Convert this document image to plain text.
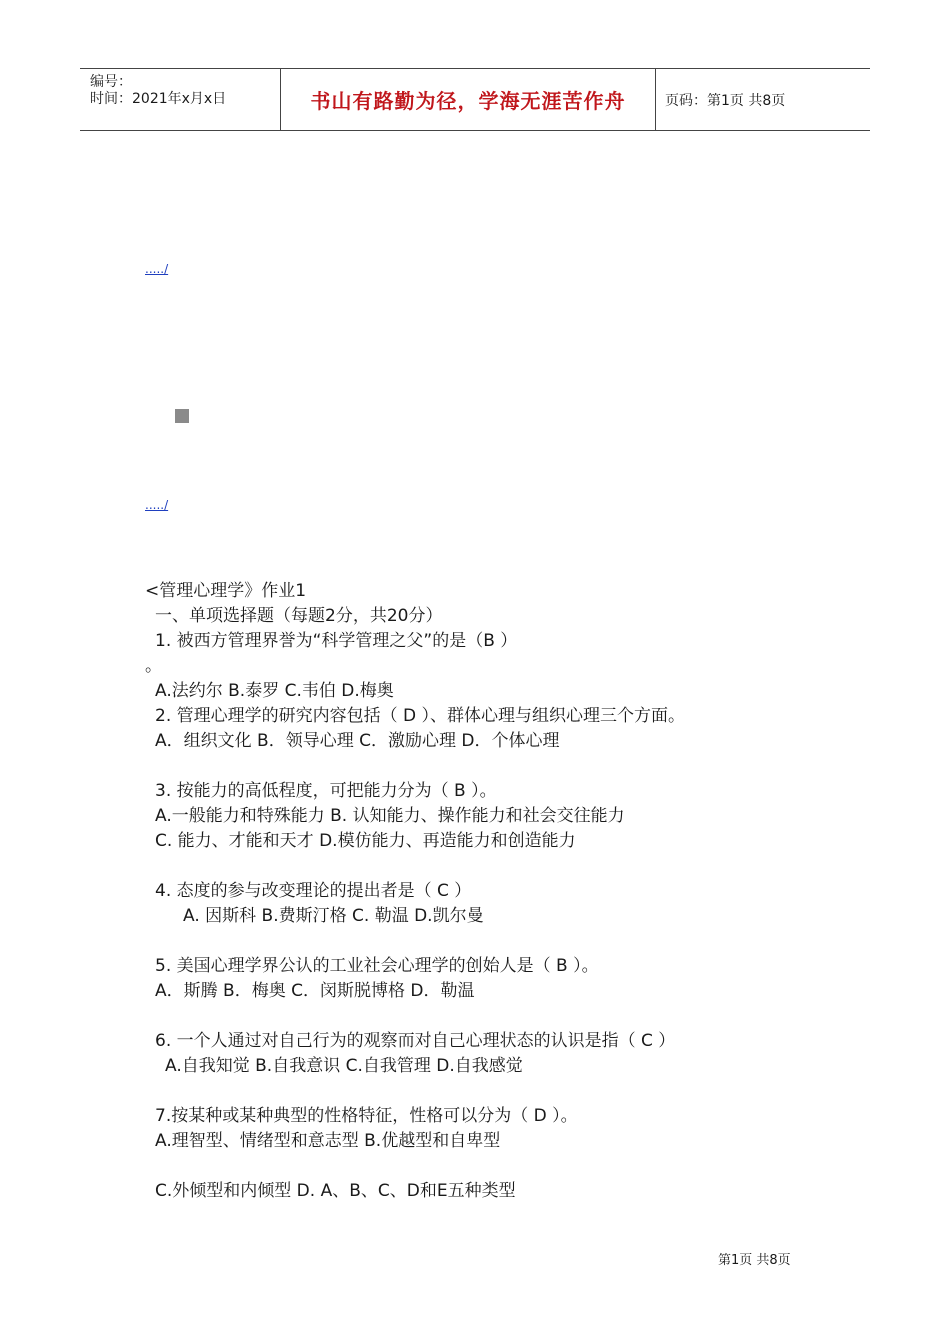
编号：
时间：2021年x月x日	书山有路勤为径，学海无涯苦作舟	页码：第1页 共8页
...../
...../
<管理心理学》作业1
一、单项选择题（每题2分，共20分）
1. 被西方管理界誉为“科学管理之父”的是（B ）
。
A.法约尔 B.泰罗 C.韦伯 D.梅奥
2. 管理心理学的研究内容包括（ D ）、群体心理与组织心理三个方面。
A．组织文化 B．领导心理 C．激励心理 D．个体心理
3. 按能力的高低程度，可把能力分为（ B ）。
A.一般能力和特殊能力 B. 认知能力、操作能力和社会交往能力
C. 能力、才能和天才 D.模仿能力、再造能力和创造能力
4. 态度的参与改变理论的提出者是（ C ）
A. 因斯科 B.费斯汀格 C. 勒温 D.凯尔曼
5. 美国心理学界公认的工业社会心理学的创始人是（ B ）。
A．斯腾 B．梅奥 C．闵斯脱博格 D．勒温
6. 一个人通过对自己行为的观察而对自己心理状态的认识是指（ C ）
A.自我知觉 B.自我意识 C.自我管理 D.自我感觉
7.按某种或某种典型的性格特征，性格可以分为（ D ）。
A.理智型、情绪型和意志型 B.优越型和自卑型
C.外倾型和内倾型 D. A、B、C、D和E五种类型
第1页 共8页
